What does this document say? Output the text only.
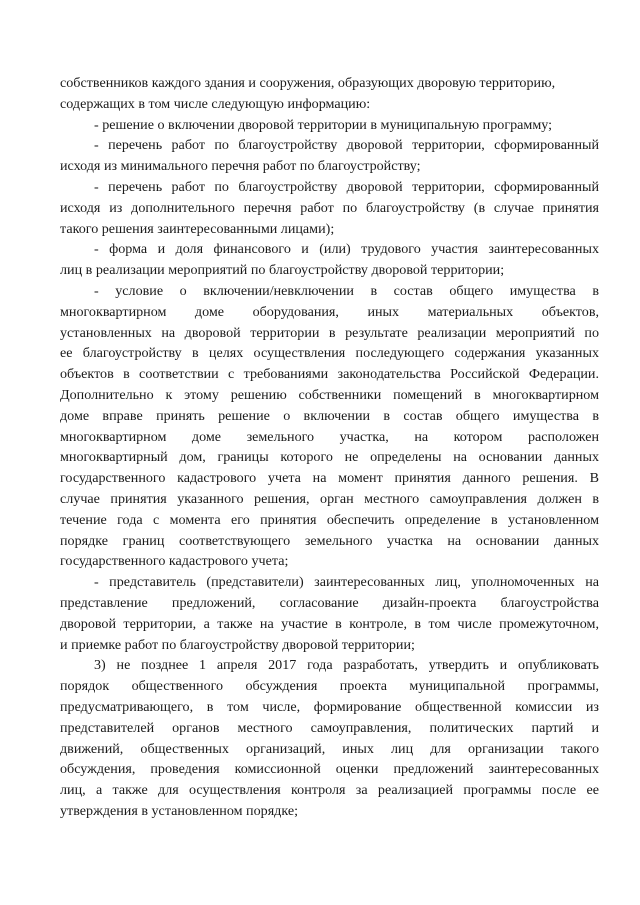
собственников каждого здания и сооружения, образующих дворовую территорию,
содержащих в том числе следующую информацию:
- решение о включении дворовой территории в муниципальную программу;
- перечень работ по благоустройству дворовой территории, сформированный
исходя из минимального перечня работ по благоустройству;
- перечень работ по благоустройству дворовой территории, сформированный
исходя из дополнительного перечня работ по благоустройству (в случае принятия
такого решения заинтересованными лицами);
- форма и доля финансового и (или) трудового участия заинтересованных
лиц в реализации мероприятий по благоустройству дворовой территории;
- условие о включении/невключении в состав общего имущества в
многоквартирном доме оборудования, иных материальных объектов,
установленных на дворовой территории в результате реализации мероприятий по
ее благоустройству в целях осуществления последующего содержания указанных
объектов в соответствии с требованиями законодательства Российской Федерации.
Дополнительно к этому решению собственники помещений в многоквартирном
доме вправе принять решение о включении в состав общего имущества в
многоквартирном доме земельного участка, на котором расположен
многоквартирный дом, границы которого не определены на основании данных
государственного кадастрового учета на момент принятия данного решения. В
случае принятия указанного решения, орган местного самоуправления должен в
течение года с момента его принятия обеспечить определение в установленном
порядке границ соответствующего земельного участка на основании данных
государственного кадастрового учета;
- представитель (представители) заинтересованных лиц, уполномоченных на
представление предложений, согласование дизайн-проекта благоустройства
дворовой территории, а также на участие в контроле, в том числе промежуточном,
и приемке работ по благоустройству дворовой территории;
3) не позднее 1 апреля 2017 года разработать, утвердить и опубликовать
порядок общественного обсуждения проекта муниципальной программы,
предусматривающего, в том числе, формирование общественной комиссии из
представителей органов местного самоуправления, политических партий и
движений, общественных организаций, иных лиц для организации такого
обсуждения, проведения комиссионной оценки предложений заинтересованных
лиц, а также для осуществления контроля за реализацией программы после ее
утверждения в установленном порядке;
